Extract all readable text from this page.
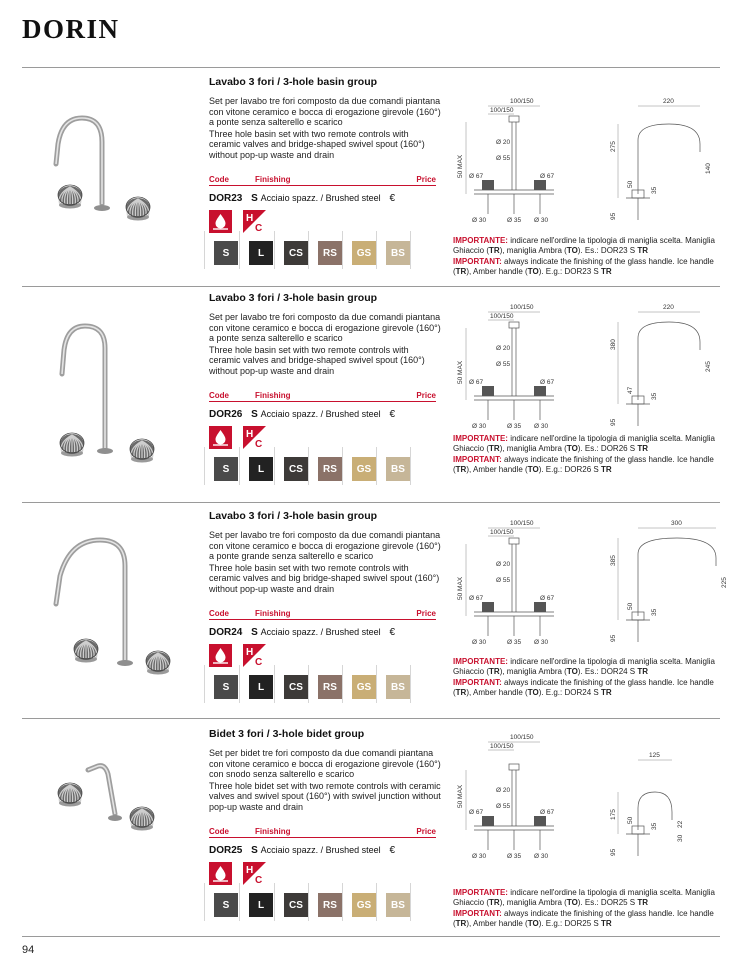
DORIN
Lavabo 3 fori / 3-hole basin group

Set per lavabo tre fori composto da due comandi piantana con vitone ceramico e bocca di erogazione girevole (160°) a ponte senza salterello e scarico

Three hole basin set with two remote controls with ceramic valves and bridge-shaped swivel spout (160°) without pop-up waste and drain

Code	Finishing	Price
DOR23 S Acciaio spazz. / Brushed steel €
H
C
S	L	CS	RS	GS	BS
100/150
100/150
Ø 20
Ø 55
Ø 67	Ø 67
50 MAX
Ø 30	Ø 35 Ø 30
220
275
140
50
35
95

IMPORTANTE: indicare nell'ordine la tipologia di maniglia scelta. Maniglia Ghiaccio (TR), maniglia Ambra (TO). Es.: DOR23 S TR

IMPORTANT: always indicate the finishing of the glass handle. Ice handle (TR), Amber handle (TO). E.g.: DOR23 S TR

Lavabo 3 fori / 3-hole basin group

Set per lavabo tre fori composto da due comandi piantana con vitone ceramico e bocca di erogazione girevole (160°) a ponte senza salterello e scarico

Three hole basin set with two remote controls with ceramic valves and bridge-shaped swivel spout (160°) without pop-up waste and drain

Code	Finishing	Price
DOR26 S Acciaio spazz. / Brushed steel €
H
C
S	L	CS	RS	GS	BS
100/150
100/150
Ø 20
Ø 55
Ø 67	Ø 67
50 MAX
Ø 30	Ø 35 Ø 30
220
380
245
47
35
95

IMPORTANTE: indicare nell'ordine la tipologia di maniglia scelta. Maniglia Ghiaccio (TR), maniglia Ambra (TO). Es.: DOR26 S TR

IMPORTANT: always indicate the finishing of the glass handle. Ice handle (TR), Amber handle (TO). E.g.: DOR26 S TR

Lavabo 3 fori / 3-hole basin group

Set per lavabo tre fori composto da due comandi piantana con vitone ceramico e bocca di erogazione girevole (160°) a ponte grande senza salterello e scarico

Three hole basin set with two remote controls with ceramic valves and big bridge-shaped swivel spout (160°) without pop-up waste and drain

Code	Finishing	Price
DOR24 S Acciaio spazz. / Brushed steel €
H
C
S	L	CS	RS	GS	BS
100/150
100/150
Ø 20
Ø 55
Ø 67	Ø 67
50 MAX
Ø 30	Ø 35 Ø 30
300
385
225
50
35
95

IMPORTANTE: indicare nell'ordine la tipologia di maniglia scelta. Maniglia Ghiaccio (TR), maniglia Ambra (TO). Es.: DOR24 S TR

IMPORTANT: always indicate the finishing of the glass handle. Ice handle (TR), Amber handle (TO). E.g.: DOR24 S TR

Bidet 3 fori / 3-hole bidet group

Set per bidet tre fori composto da due comandi piantana con vitone ceramico e bocca di erogazione girevole (160°) con snodo senza salterello e scarico

Three hole bidet set with two remote controls with ceramic valves and swivel spout (160°) with swivel junction without pop-up waste and drain

Code	Finishing	Price
DOR25 S Acciaio spazz. / Brushed steel €
H
C
S	L	CS	RS	GS	BS
100/150
100/150
Ø 20
Ø 55
Ø 67	Ø 67
50 MAX
Ø 30	Ø 35 Ø 30
125
175
30
50
35
95
22

IMPORTANTE: indicare nell'ordine la tipologia di maniglia scelta. Maniglia Ghiaccio (TR), maniglia Ambra (TO). Es.: DOR25 S TR

IMPORTANT: always indicate the finishing of the glass handle. Ice handle (TR), Amber handle (TO). E.g.: DOR25 S TR

94
